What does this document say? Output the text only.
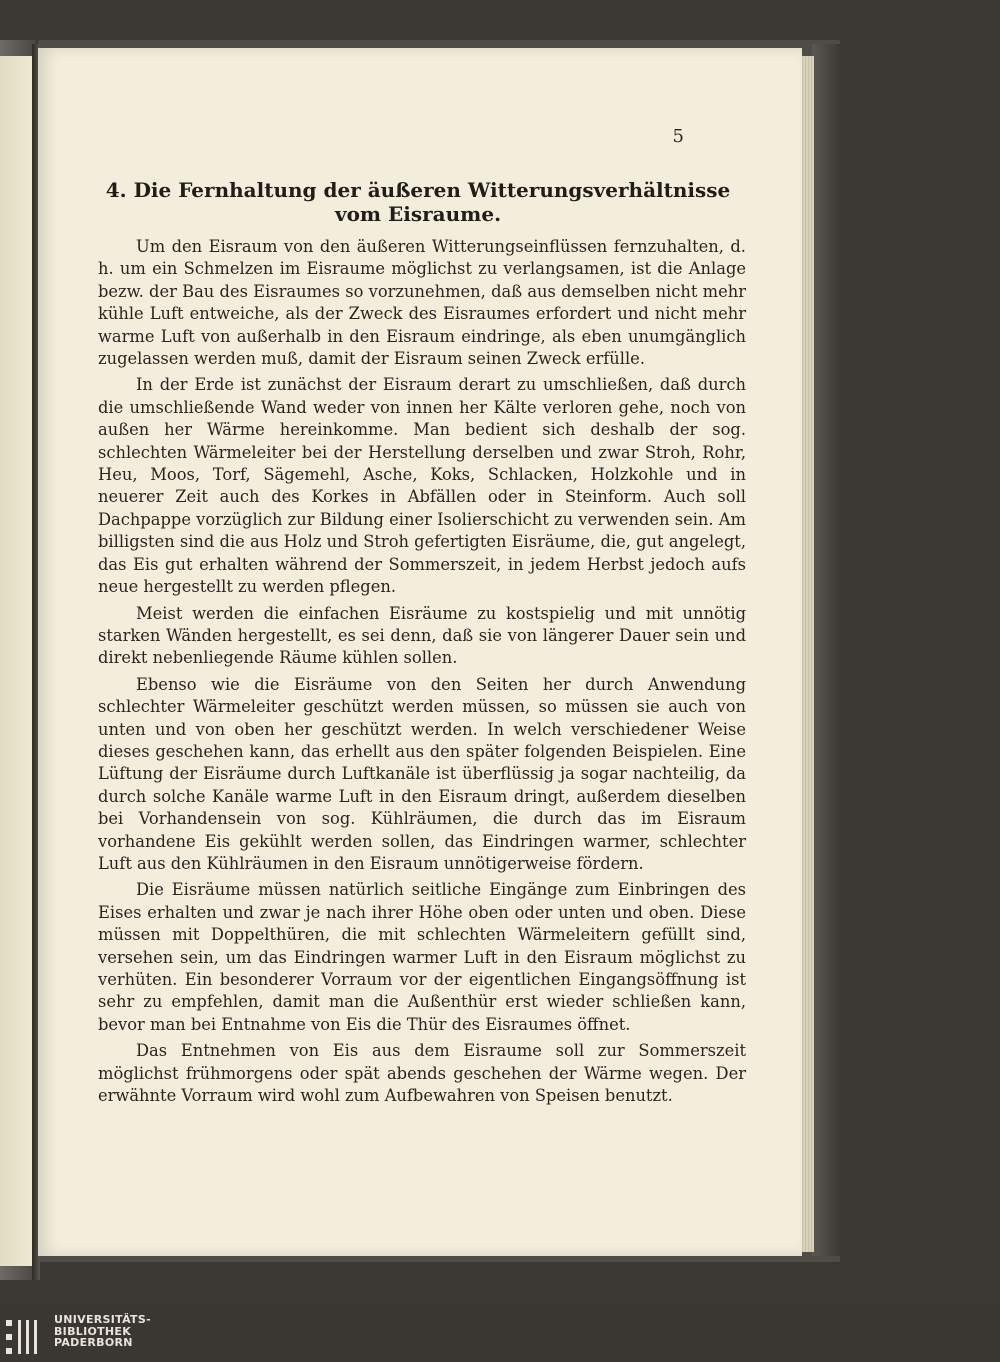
5
4. Die Fernhaltung der äußeren Witterungsverhältnisse
vom Eisraume.

Um den Eisraum von den äußeren Witterungseinflüssen fernzuhalten, d. h. um ein Schmelzen im Eisraume möglichst zu verlangsamen, ist die Anlage bezw. der Bau des Eisraumes so vorzunehmen, daß aus demselben nicht mehr kühle Luft entweiche, als der Zweck des Eisraumes erfordert und nicht mehr warme Luft von außerhalb in den Eisraum eindringe, als eben unumgänglich zugelassen werden muß, damit der Eisraum seinen Zweck erfülle.

In der Erde ist zunächst der Eisraum derart zu umschließen, daß durch die umschließende Wand weder von innen her Kälte verloren gehe, noch von außen her Wärme hereinkomme. Man bedient sich deshalb der sog. schlechten Wärmeleiter bei der Herstellung derselben und zwar Stroh, Rohr, Heu, Moos, Torf, Sägemehl, Asche, Koks, Schlacken, Holzkohle und in neuerer Zeit auch des Korkes in Abfällen oder in Steinform. Auch soll Dachpappe vorzüglich zur Bildung einer Isolierschicht zu verwenden sein. Am billigsten sind die aus Holz und Stroh gefertigten Eisräume, die, gut angelegt, das Eis gut erhalten während der Sommerszeit, in jedem Herbst jedoch aufs neue hergestellt zu werden pflegen.

Meist werden die einfachen Eisräume zu kostspielig und mit unnötig starken Wänden hergestellt, es sei denn, daß sie von längerer Dauer sein und direkt nebenliegende Räume kühlen sollen.

Ebenso wie die Eisräume von den Seiten her durch Anwendung schlechter Wärmeleiter geschützt werden müssen, so müssen sie auch von unten und von oben her geschützt werden. In welch verschiedener Weise dieses geschehen kann, das erhellt aus den später folgenden Beispielen. Eine Lüftung der Eisräume durch Luftkanäle ist überflüssig ja sogar nachteilig, da durch solche Kanäle warme Luft in den Eisraum dringt, außerdem dieselben bei Vorhandensein von sog. Kühlräumen, die durch das im Eisraum vorhandene Eis gekühlt werden sollen, das Eindringen warmer, schlechter Luft aus den Kühlräumen in den Eisraum unnötigerweise fördern.

Die Eisräume müssen natürlich seitliche Eingänge zum Einbringen des Eises erhalten und zwar je nach ihrer Höhe oben oder unten und oben. Diese müssen mit Doppelthüren, die mit schlechten Wärmeleitern gefüllt sind, versehen sein, um das Eindringen warmer Luft in den Eisraum möglichst zu verhüten. Ein besonderer Vorraum vor der eigentlichen Eingangsöffnung ist sehr zu empfehlen, damit man die Außenthür erst wieder schließen kann, bevor man bei Entnahme von Eis die Thür des Eisraumes öffnet.

Das Entnehmen von Eis aus dem Eisraume soll zur Sommerszeit möglichst frühmorgens oder spät abends geschehen der Wärme wegen. Der erwähnte Vorraum wird wohl zum Aufbewahren von Speisen benutzt.

UNIVERSITÄTS-
BIBLIOTHEK
PADERBORN
